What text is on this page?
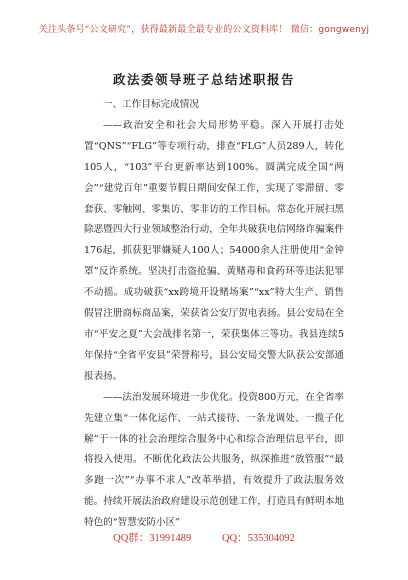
关注头条号“公文研究”，获得最新最全最专业的公文资料库！ 微信：gongwenyj
政法委领导班子总结述职报告

一、工作目标完成情况

——政治安全和社会大局形势平稳。深入开展打击处置“QNS”“FLG”等专项行动，排查“FLG”人员289人，转化105人，“103”平台更新率达到100%。圆满完成全国“两会”“建党百年”重要节假日期间安保工作，实现了零滞留、零套获、零触网、零集访、零非访的工作目标。常态化开展扫黑除恶暨四大行业领域整治行动，全年共破获电信网络诈骗案件176起，抓获犯罪嫌疑人100人；54000余人注册使用“金钟罩”反诈系统。坚决打击盗抢骗、黄赌毒和食药环等违法犯罪不动摇。成功破获“xx跨境开设赌场案”“xx”特大生产、销售假冒注册商标商品案，荣获省公安厅贺电表扬。县公安局在全市“平安之夏”大会战排名第一，荣获集体三等功。我县连续5年保持“全省平安县”荣誉称号，县公安局交警大队获公安部通报表扬。

——法治发展环境进一步优化。投资800万元，在全省率先建立集“一体化运作、一站式接待、一条龙调处、一揽子化解”于一体的社会治理综合服务中心和综合治理信息平台，即将投入使用。不断优化政法公共服务，纵深推进“放管服”“最多跑一次”“办事不求人”改革举措，有效提升了政法服务效能。持续开展法治政府建设示范创建工作，打造具有鲜明本地特色的“智慧安防小区”

QQ群：31991489	QQ：535304092
